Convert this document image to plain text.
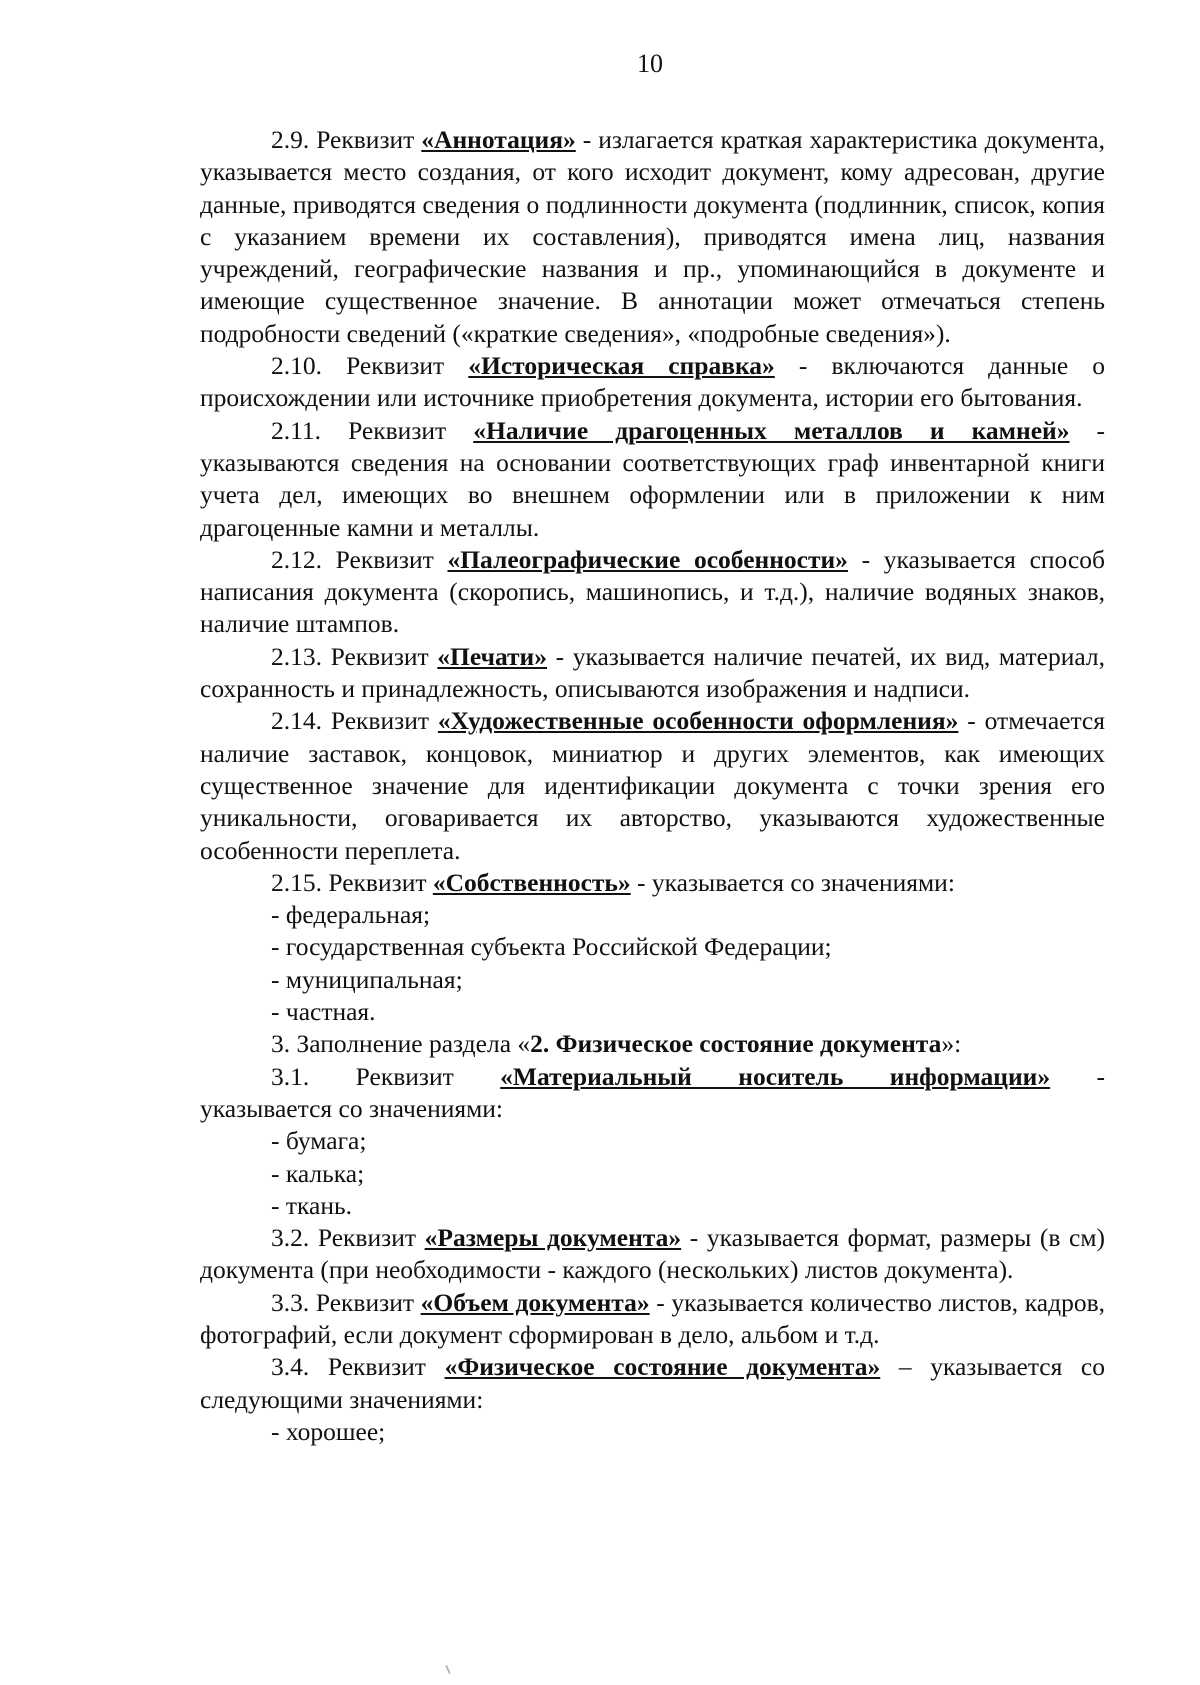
10

2.9. Реквизит «Аннотация» - излагается краткая характеристика документа, указывается место создания, от кого исходит документ, кому адресован, другие данные, приводятся сведения о подлинности документа (подлинник, список, копия с указанием времени их составления), приводятся имена лиц, названия учреждений, географические названия и пр., упоминающийся в документе и имеющие существенное значение. В аннотации может отмечаться степень подробности сведений («краткие сведения», «подробные сведения»).

2.10. Реквизит «Историческая справка» - включаются данные о происхождении или источнике приобретения документа, истории его бытования.

2.11. Реквизит «Наличие драгоценных металлов и камней» - указываются сведения на основании соответствующих граф инвентарной книги учета дел, имеющих во внешнем оформлении или в приложении к ним драгоценные камни и металлы.

2.12. Реквизит «Палеографические особенности» - указывается способ написания документа (скоропись, машинопись, и т.д.), наличие водяных знаков, наличие штампов.

2.13. Реквизит «Печати» - указывается наличие печатей, их вид, материал, сохранность и принадлежность, описываются изображения и надписи.

2.14. Реквизит «Художественные особенности оформления» - отмечается наличие заставок, концовок, миниатюр и других элементов, как имеющих существенное значение для идентификации документа с точки зрения его уникальности, оговаривается их авторство, указываются художественные особенности переплета.

2.15. Реквизит «Собственность» - указывается со значениями:

- федеральная;

- государственная субъекта Российской Федерации;

- муниципальная;

- частная.

3. Заполнение раздела «2. Физическое состояние документа»:

3.1. Реквизит «Материальный носитель информации» -

указывается со значениями:

- бумага;

- калька;

- ткань.

3.2. Реквизит «Размеры документа» - указывается формат, размеры (в см) документа (при необходимости - каждого (нескольких) листов документа).

3.3. Реквизит «Объем документа» - указывается количество листов, кадров, фотографий, если документ сформирован в дело, альбом и т.д.

3.4. Реквизит «Физическое состояние документа» – указывается со следующими значениями:

- хорошее;
